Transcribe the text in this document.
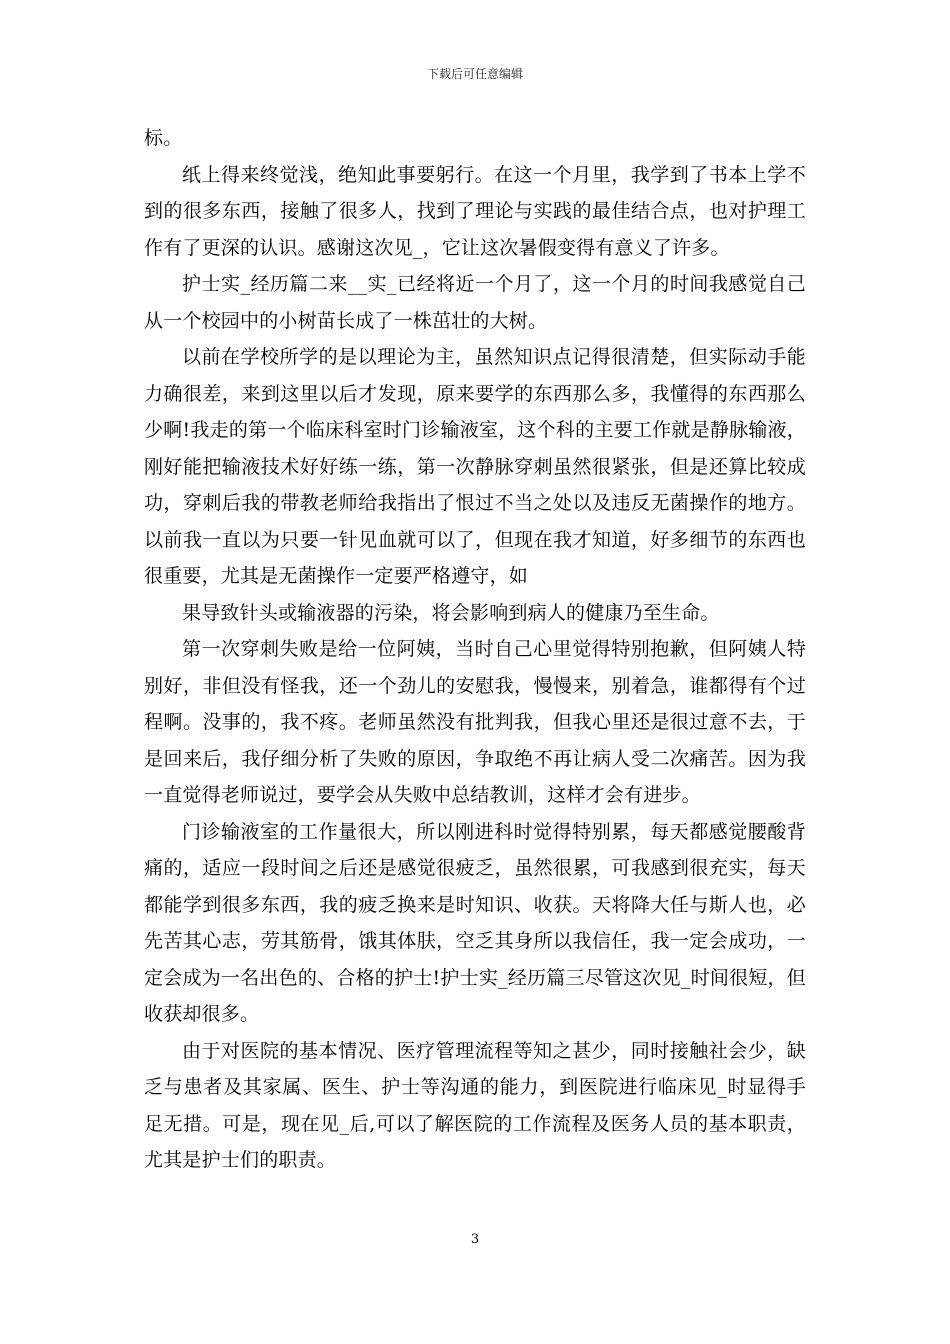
下载后可任意编辑

标。

纸上得来终觉浅，绝知此事要躬行。在这一个月里，我学到了书本上学不到的很多东西，接触了很多人，找到了理论与实践的最佳结合点，也对护理工作有了更深的认识。感谢这次见_，它让这次暑假变得有意义了许多。

护士实_经历篇二来__实_已经将近一个月了，这一个月的时间我感觉自己从一个校园中的小树苗长成了一株茁壮的大树。

以前在学校所学的是以理论为主，虽然知识点记得很清楚，但实际动手能力确很差，来到这里以后才发现，原来要学的东西那么多，我懂得的东西那么少啊!我走的第一个临床科室时门诊输液室，这个科的主要工作就是静脉输液，刚好能把输液技术好好练一练，第一次静脉穿刺虽然很紧张，但是还算比较成功，穿刺后我的带教老师给我指出了恨过不当之处以及违反无菌操作的地方。以前我一直以为只要一针见血就可以了，但现在我才知道，好多细节的东西也很重要，尤其是无菌操作一定要严格遵守，如

果导致针头或输液器的污染，将会影响到病人的健康乃至生命。

第一次穿刺失败是给一位阿姨，当时自己心里觉得特别抱歉，但阿姨人特别好，非但没有怪我，还一个劲儿的安慰我，慢慢来，别着急，谁都得有个过程啊。没事的，我不疼。老师虽然没有批判我，但我心里还是很过意不去，于是回来后，我仔细分析了失败的原因，争取绝不再让病人受二次痛苦。因为我一直觉得老师说过，要学会从失败中总结教训，这样才会有进步。

门诊输液室的工作量很大，所以刚进科时觉得特别累，每天都感觉腰酸背痛的，适应一段时间之后还是感觉很疲乏，虽然很累，可我感到很充实，每天都能学到很多东西，我的疲乏换来是时知识、收获。天将降大任与斯人也，必先苦其心志，劳其筋骨，饿其体肤，空乏其身所以我信任，我一定会成功，一定会成为一名出色的、合格的护士!护士实_经历篇三尽管这次见_时间很短，但收获却很多。

由于对医院的基本情况、医疗管理流程等知之甚少，同时接触社会少，缺乏与患者及其家属、医生、护士等沟通的能力，到医院进行临床见_时显得手足无措。可是，现在见_后,可以了解医院的工作流程及医务人员的基本职责，尤其是护士们的职责。

3
